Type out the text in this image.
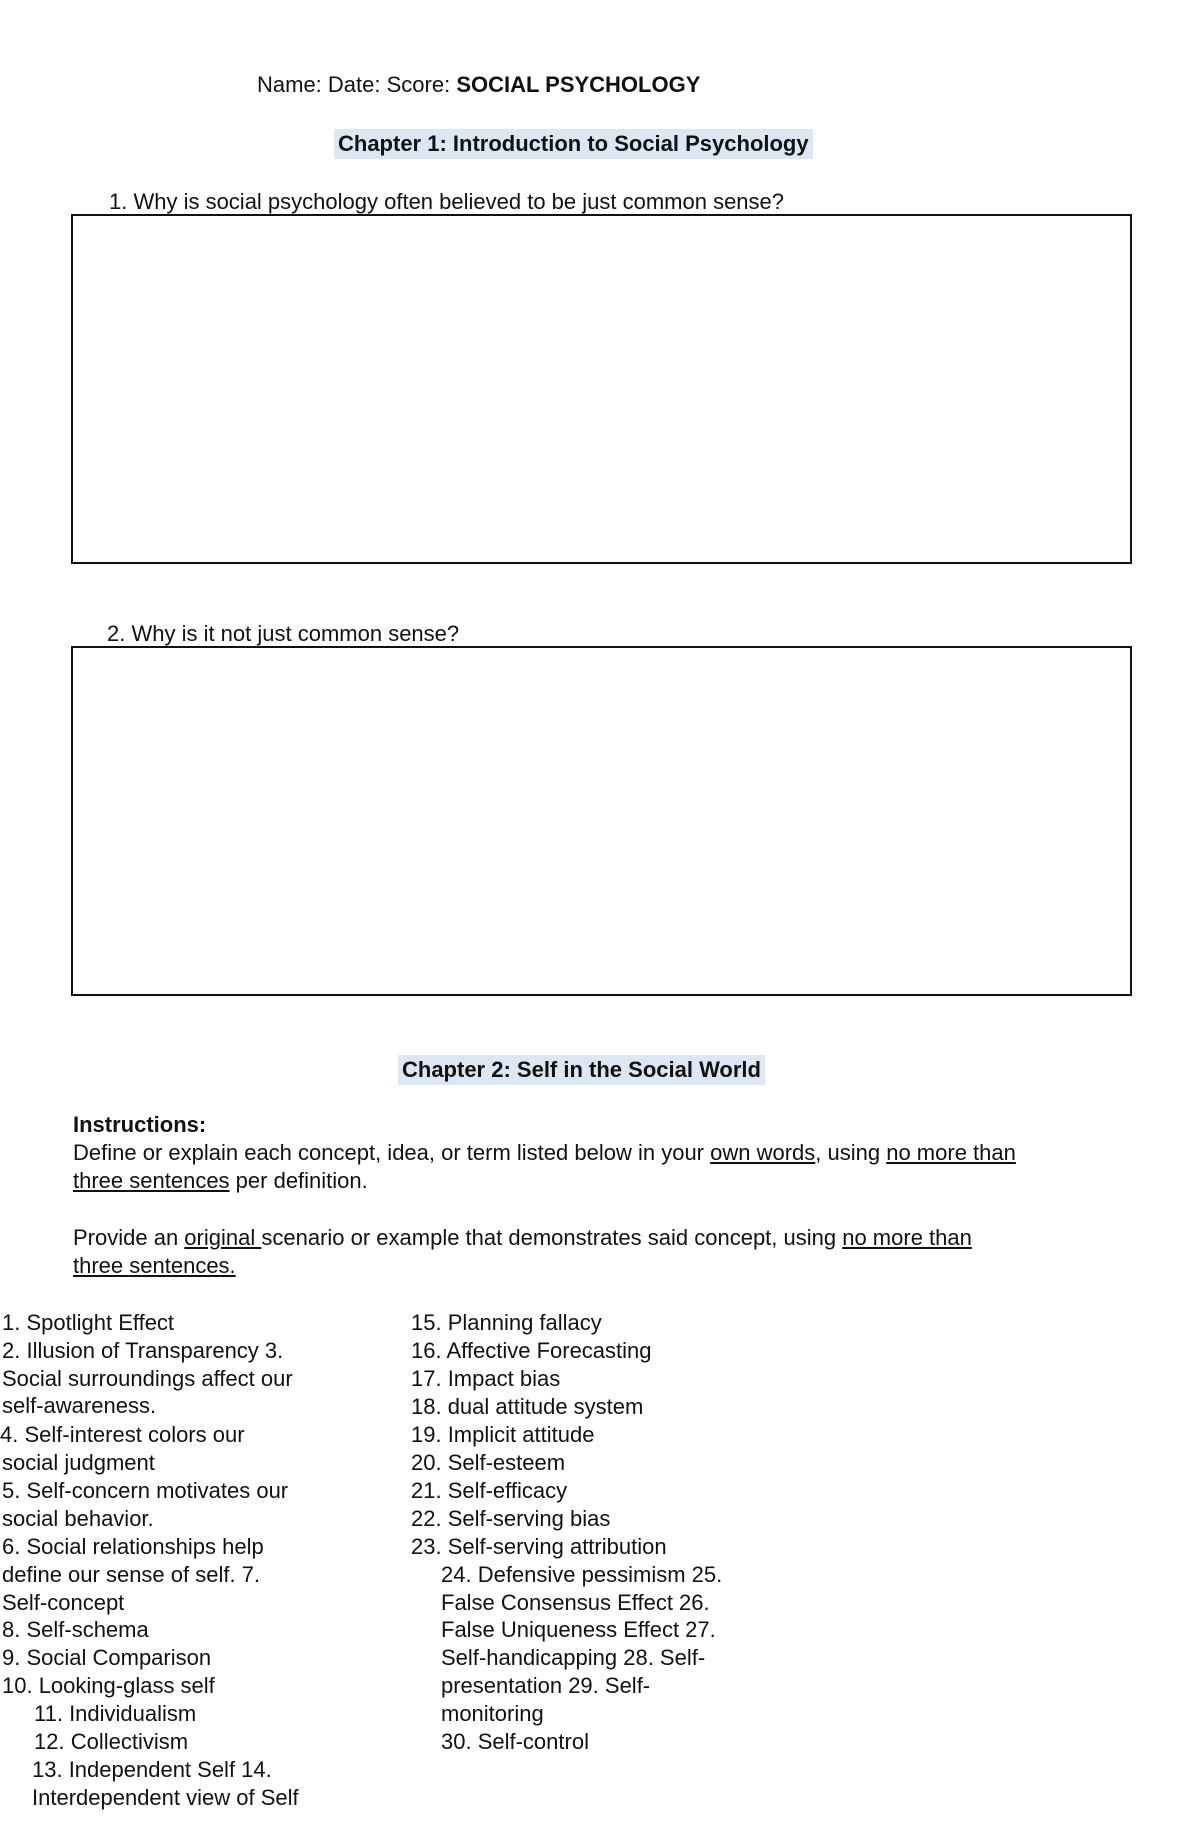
Name: Date: Score: SOCIAL PSYCHOLOGY
Chapter 1: Introduction to Social Psychology
1. Why is social psychology often believed to be just common sense?
2. Why is it not just common sense?
Chapter 2: Self in the Social World
Instructions:
Define or explain each concept, idea, or term listed below in your own words, using no more than
three sentences per definition.
Provide an original scenario or example that demonstrates said concept, using no more than
three sentences.
1. Spotlight Effect
2. Illusion of Transparency 3.
Social surroundings affect our
self-awareness.
4. Self-interest colors our
social judgment
5. Self-concern motivates our
social behavior.
6. Social relationships help
define our sense of self. 7.
Self-concept
8. Self-schema
9. Social Comparison
10. Looking-glass self
11. Individualism
12. Collectivism
13. Independent Self 14.
Interdependent view of Self
15. Planning fallacy
16. Affective Forecasting
17. Impact bias
18. dual attitude system
19. Implicit attitude
20. Self-esteem
21. Self-efficacy
22. Self-serving bias
23. Self-serving attribution
24. Defensive pessimism 25.
False Consensus Effect 26.
False Uniqueness Effect 27.
Self-handicapping 28. Self-
presentation 29. Self-
monitoring
30. Self-control
